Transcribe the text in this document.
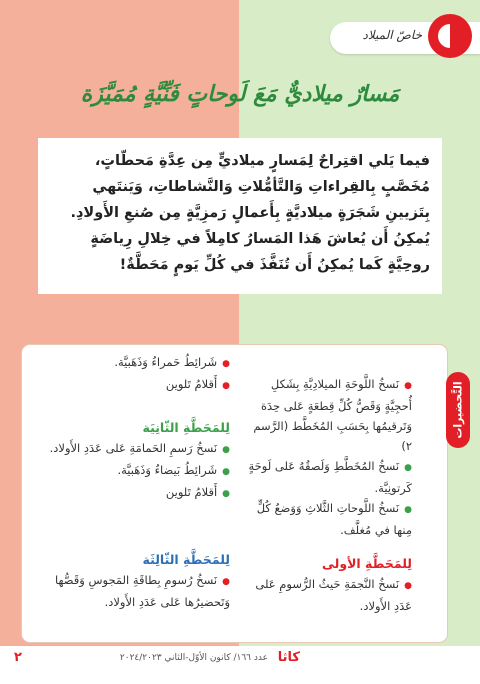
خاصّ الميلاد
مَسارٌ ميلاديٌّ مَعَ لَوحاتٍ فَنِّيَّةٍ مُمَيَّزَة

فيما يَلي اقتِراحٌ لِمَسارٍ ميلاديٍّ مِن عِدَّةِ مَحطّاتٍ، مُخَصَّبٍ بِالقِراءاتِ وَالتَّأمُّلاتِ وَالنَّشاطاتِ، وَيَنتَهي بِتَزيينِ شَجَرَةٍ ميلاديَّةٍ بِأَعمالٍ رَمزِيَّةٍ مِن صُنعِ الأَولادِ.

يُمكِنُ أَن يُعاشَ هَذا المَسارُ كامِلاً في خِلالِ رِياضَةٍ روحِيَّةٍ كَما يُمكِنُ أَن تُنَفَّذَ في كُلِّ يَومٍ مَحَطَّةٌ!

التَّحضيرات

● نَسخُ اللَّوحَةِ الميلادِيَّةِ بِشَكلِ أُحجِيَّةٍ وَقَصُّ كُلِّ قِطعَةٍ عَلى حِدَة وَتَرقيمُها بِحَسَبِ المُخَطَّط (الرَّسم ٢)

● نَسخُ المُخَطَّطِ وَلَصقُهُ عَلى لَوحَةٍ كَرتونِيَّة.

● نَسخُ اللَّوحاتِ الثَّلاثِ وَوَضعُ كُلٍّ مِنها في مُغلَّف.

لِلمَحَطَّةِ الأولى

● نَسخُ النَّجمَةِ حَيثُ الرُّسومِ عَلى عَدَدِ الأَولاد.

● شَرائِطُ حَمراءُ وَذَهَبيَّة.

● أَقلامُ تَلوين

لِلمَحَطَّةِ الثّانِيَة

● نَسخُ رَسمِ الحَمامَةِ عَلى عَدَدِ الأَولاد.

● شَرائِطُ بَيضاءُ وَذَهَبيَّة.

● أَقلامُ تَلوين

لِلمَحَطَّةِ الثّالِثَة

● نَسخُ رُسومِ بِطاقَةِ المَجوسِ وَقَصُّها وَتَحضيرُها عَلى عَدَدِ الأَولاد.

كاثا
عدد ١٦٦/ كانون الأوّل-الثاني ٢٠٢٤/٢٠٢٣
٢
